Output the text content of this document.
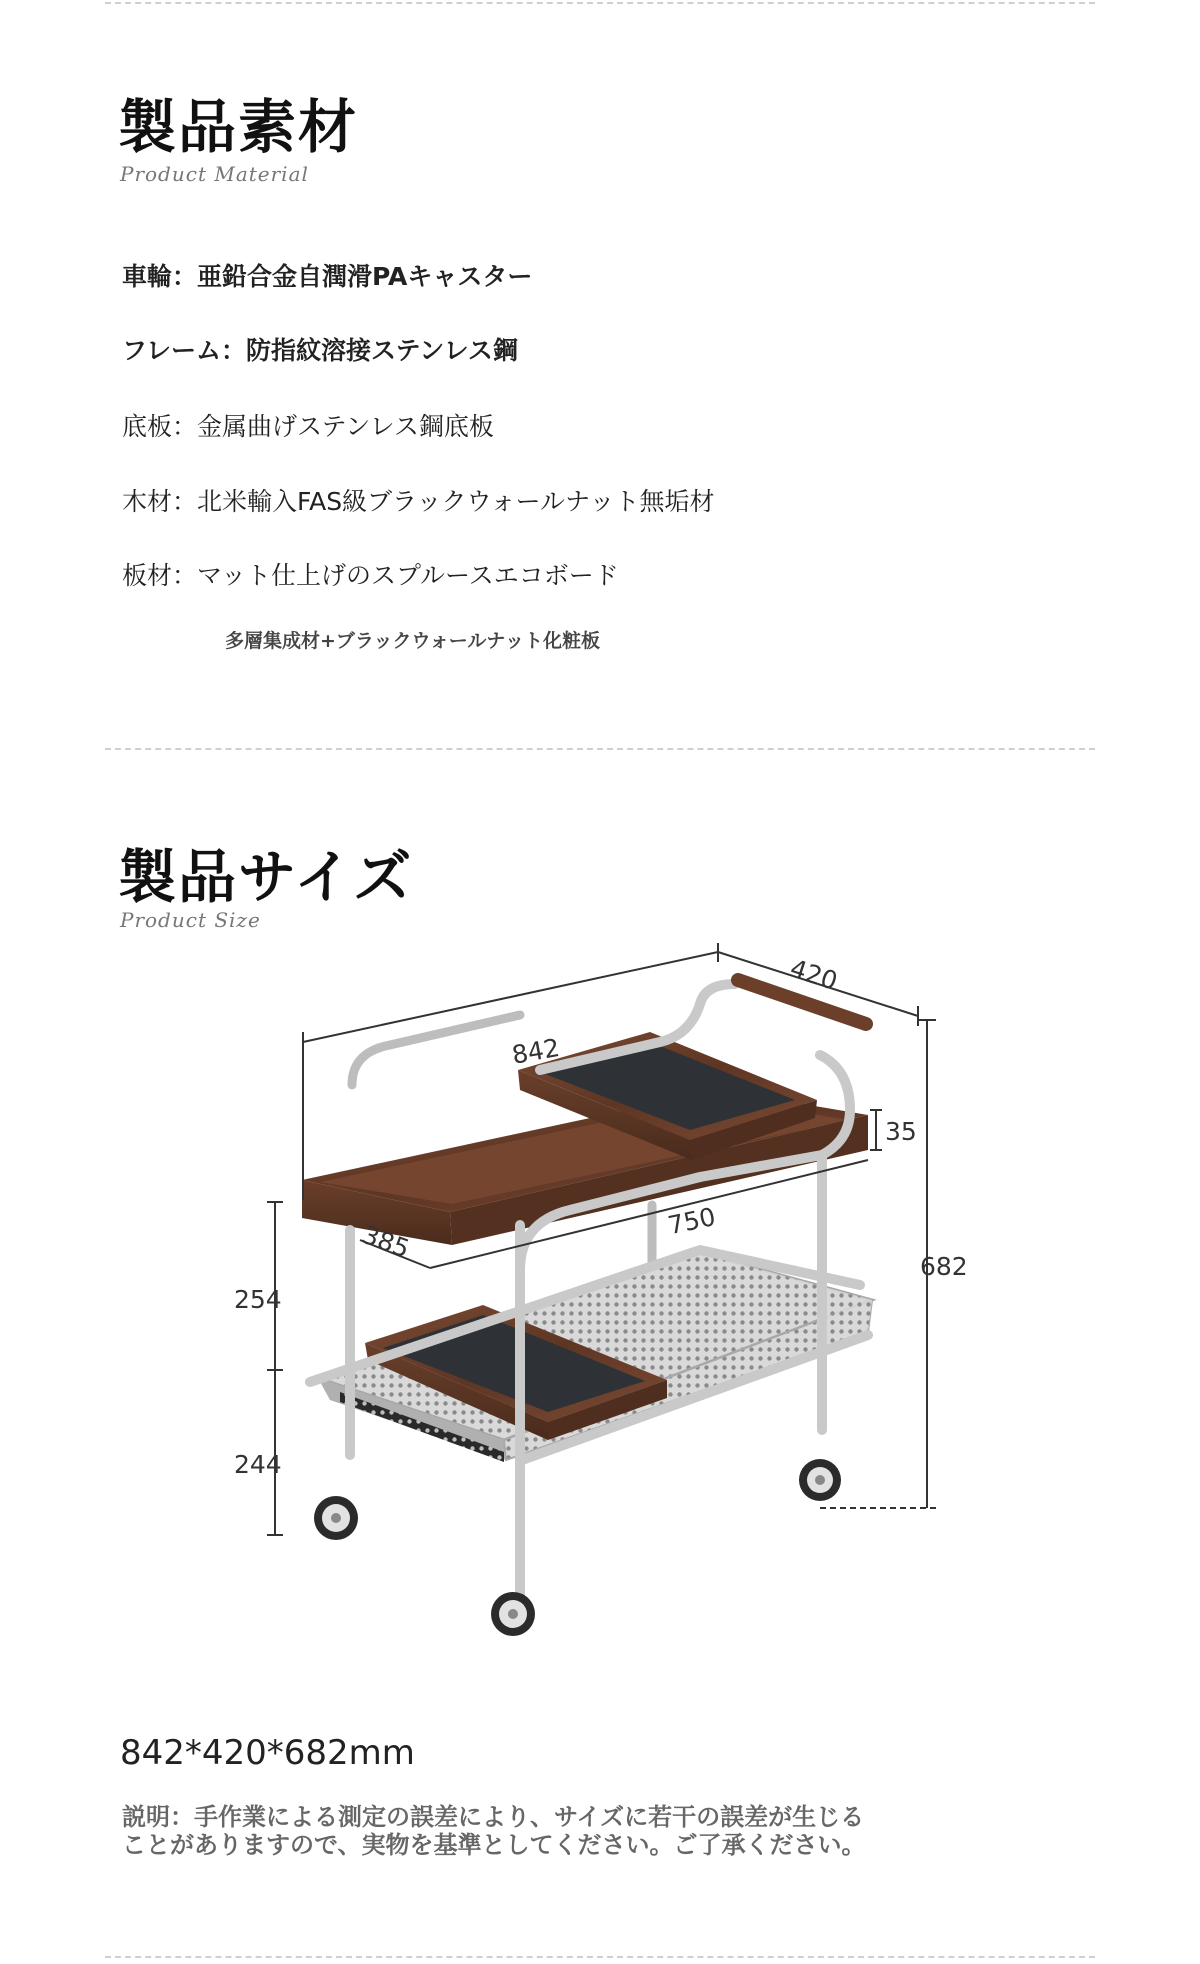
製品素材
Product Material
車輪：亜鉛合金自潤滑PAキャスター
フレーム：防指紋溶接ステンレス鋼
底板：金属曲げステンレス鋼底板
木材：北米輸入FAS級ブラックウォールナット無垢材
板材：マット仕上げのスプルースエコボード
多層集成材+ブラックウォールナット化粧板
製品サイズ
Product Size
842
420
35
750
385
682
254
244
842*420*682mm
説明：手作業による測定の誤差により、サイズに若干の誤差が生じる
ことがありますので、実物を基準としてください。ご了承ください。
